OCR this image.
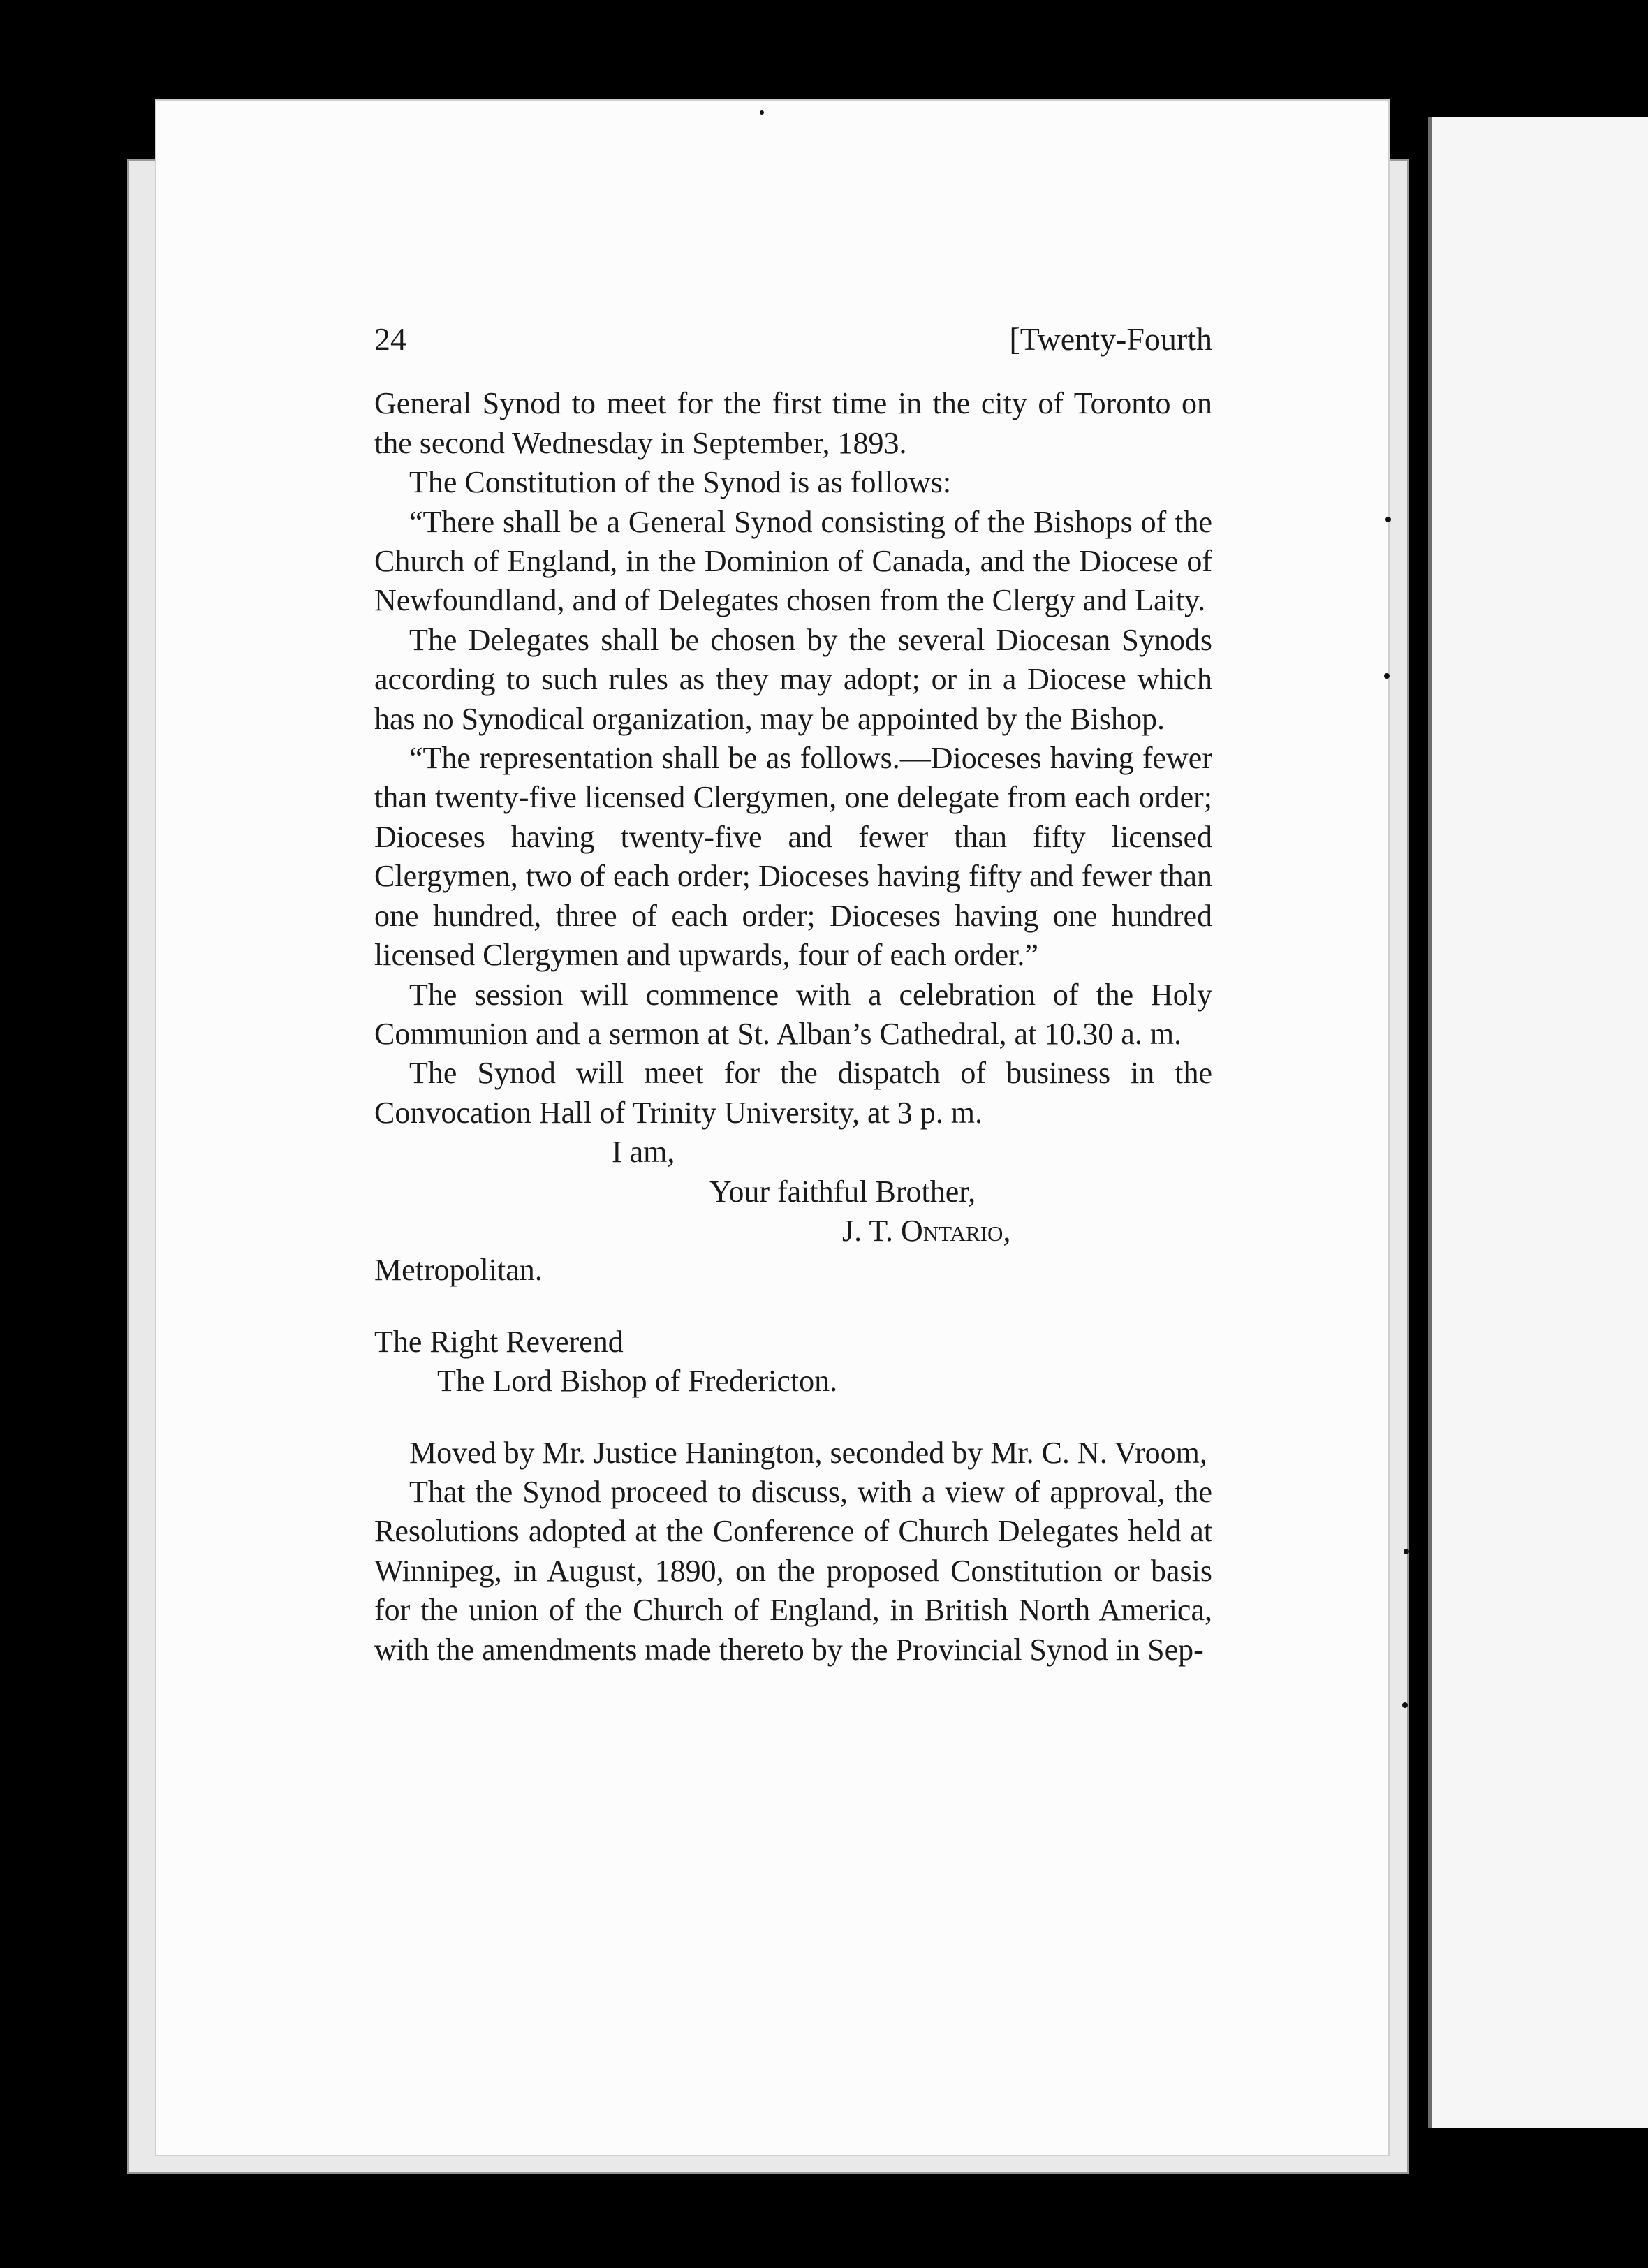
24	[Twenty-Fourth

General Synod to meet for the first time in the city of Toronto on the second Wednesday in September, 1893.

The Constitution of the Synod is as follows:

“There shall be a General Synod consisting of the Bishops of the Church of England, in the Dominion of Canada, and the Diocese of Newfoundland, and of Delegates chosen from the Clergy and Laity.

The Delegates shall be chosen by the several Diocesan Synods according to such rules as they may adopt; or in a Diocese which has no Synodical organization, may be appointed by the Bishop.

“The representation shall be as follows.—Dioceses having fewer than twenty-five licensed Clergymen, one delegate from each order; Dioceses having twenty-five and fewer than fifty licensed Clergymen, two of each order; Dioceses having fifty and fewer than one hundred, three of each order; Dioceses having one hundred licensed Clergymen and upwards, four of each order.”

The session will commence with a celebration of the Holy Communion and a sermon at St. Alban’s Cathedral, at 10.30 a. m.

The Synod will meet for the dispatch of business in the Convocation Hall of Trinity University, at 3 p. m.

I am,

Your faithful Brother,

J. T. Ontario,

Metropolitan.

The Right Reverend

The Lord Bishop of Fredericton.

Moved by Mr. Justice Hanington, seconded by Mr. C. N. Vroom,

That the Synod proceed to discuss, with a view of approval, the Resolutions adopted at the Conference of Church Delegates held at Winnipeg, in August, 1890, on the proposed Constitution or basis for the union of the Church of England, in British North America, with the amendments made thereto by the Provincial Synod in Sep-
